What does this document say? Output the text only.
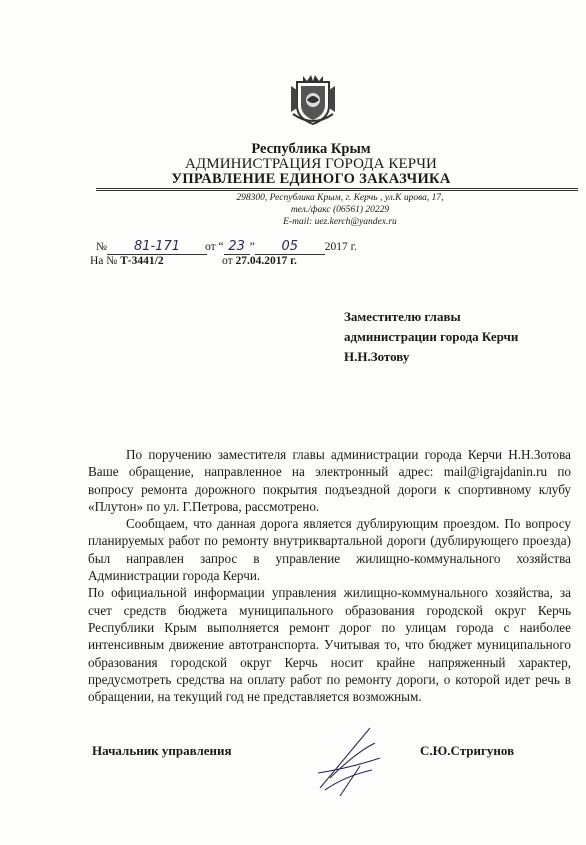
Республика Крым
АДМИНИСТРАЦИЯ ГОРОДА КЕРЧИ
УПРАВЛЕНИЕ ЕДИНОГО ЗАКАЗЧИКА
298300, Республика Крым, г. Керчь , ул.К ирова, 17,
тел./факс (06561) 20229
E-mail: uez.kerch@yandex.ru
№ 81-171	от “ 23 ” 05 2017 г.
На № Т-3441/2	от 27.04.2017 г.
Заместителю главы
администрации города Керчи
Н.Н.Зотову

По поручению заместителя главы администрации города Керчи Н.Н.Зотова Ваше обращение, направленное на электронный адрес: mail@igrajdanin.ru по вопросу ремонта дорожного покрытия подъездной дороги к спортивному клубу «Плутон» по ул. Г.Петрова, рассмотрено.

Сообщаем, что данная дорога является дублирующим проездом. По вопросу планируемых работ по ремонту внутриквартальной дороги (дублирующего проезда) был направлен запрос в управление жилищно-коммунального хозяйства Администрации города Керчи.

По официальной информации управления жилищно-коммунального хозяйства, за счет средств бюджета муниципального образования городской округ Керчь Республики Крым выполняется ремонт дорог по улицам города с наиболее интенсивным движение автотранспорта. Учитывая то, что бюджет муниципального образования городской округ Керчь носит крайне напряженный характер, предусмотреть средства на оплату работ по ремонту дороги, о которой идет речь в обращении, на текущий год не представляется возможным.

Начальник управления	С.Ю.Стригунов
